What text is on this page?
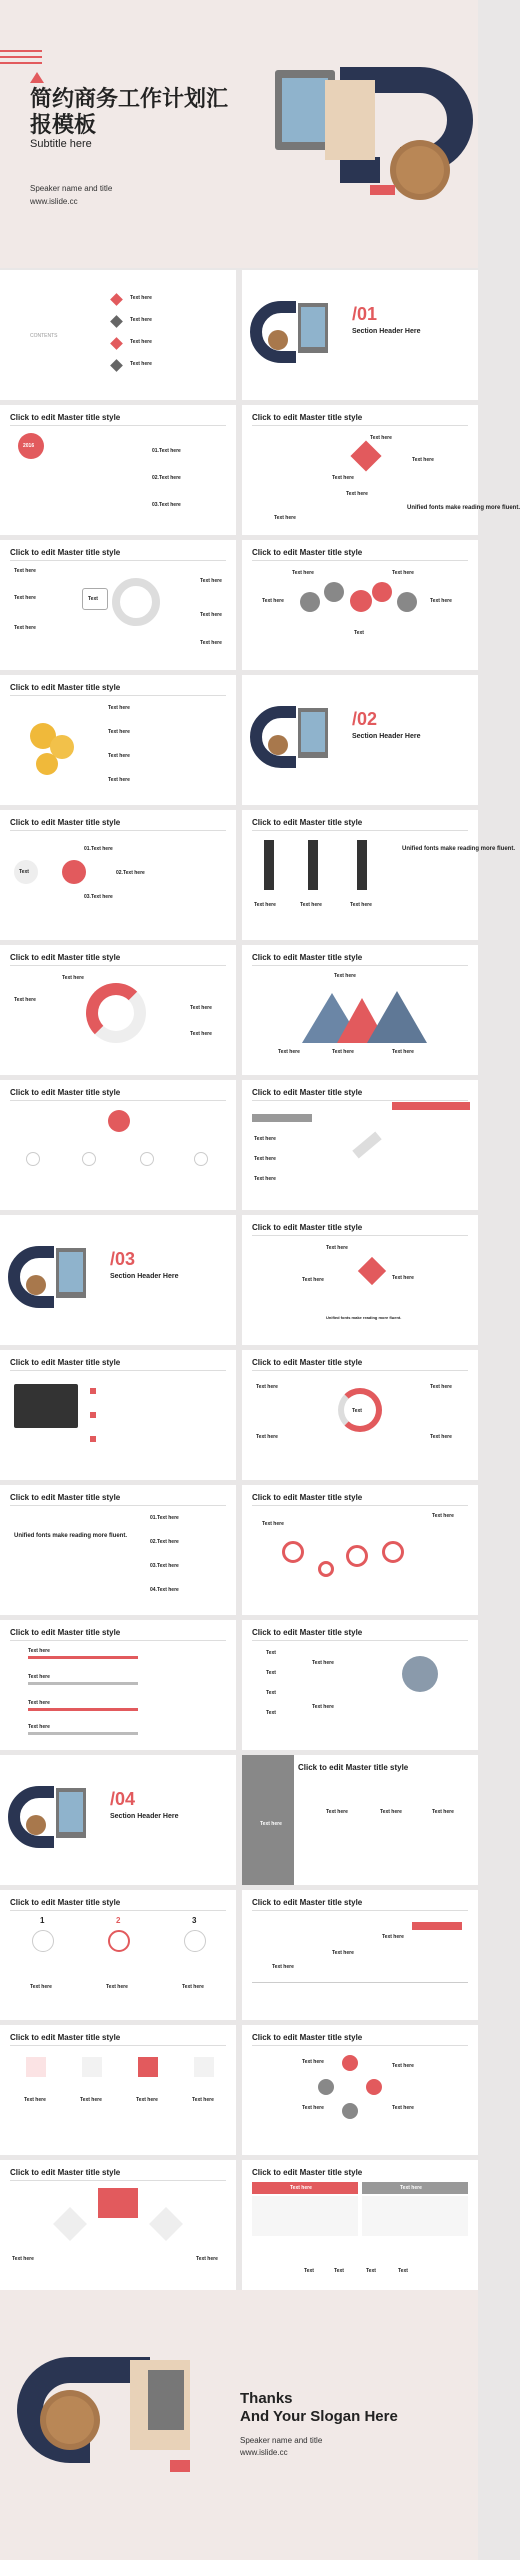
简约商务工作计划汇报模板
Subtitle here
Speaker name and title
www.islide.cc
CONTENTS
Text here
Text here
Text here
Text here
/01
Section Header Here
Click to edit Master title style
2016
01.Text here
02.Text here
03.Text here
Click to edit Master title style
Text here
Text here
Text here
Text here
Text here
Unified fonts make reading more fluent.
Click to edit Master title style
Text here
Text here
Text here
Text
Text here
Text here
Text here
Click to edit Master title style
Text here	Text here
Text here	Text here
Text
Click to edit Master title style
Text here
Text here
Text here
Text here
/02
Section Header Here
Click to edit Master title style
Text
01.Text here
02.Text here
03.Text here
Click to edit Master title style
Unified fonts make reading more fluent.
Text here	Text here	Text here
Click to edit Master title style
Text here
Text here
Text here
Text here
Click to edit Master title style
Text here
Text here	Text here	Text here
Click to edit Master title style	Click to edit Master title style
Text here
Text here
Text here
/03
Section Header Here
Click to edit Master title style
Text here
Text here	Text here
Unified fonts make reading more fluent.
Click to edit Master title style	Click to edit Master title style
Text
Text here
Text here
Text here
Text here
Click to edit Master title style
Unified fonts make reading more fluent.
01.Text here
02.Text here
03.Text here
04.Text here
Click to edit Master title style
Text here
Text here
Click to edit Master title style
Text here
Text here
Text here
Text here
Click to edit Master title style
Text
Text
Text
Text
Text here
Text here
/04
Section Header Here
Click to edit Master title style
Text here
Text here	Text here	Text here
Click to edit Master title style
1	2	3
Text here	Text here	Text here
Click to edit Master title style
Text here
Text here
Text here
Click to edit Master title style
Text here	Text here	Text here	Text here
Click to edit Master title style
Text here
Text here
Text here	Text here
Click to edit Master title style
Text here	Text here
Click to edit Master title style
Text here	Text here
Text	Text	Text	Text
Thanks
And Your Slogan Here
Speaker name and title
www.islide.cc
